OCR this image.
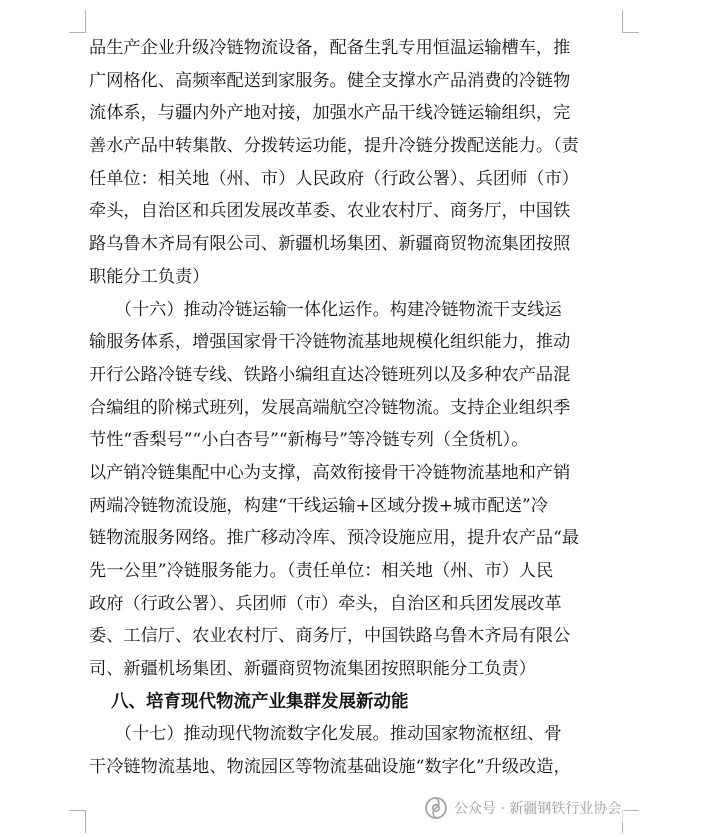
品生产企业升级冷链物流设备，配备生乳专用恒温运输槽车，推
广网格化、高频率配送到家服务。健全支撑水产品消费的冷链物
流体系，与疆内外产地对接，加强水产品干线冷链运输组织，完
善水产品中转集散、分拨转运功能，提升冷链分拨配送能力。（责
任单位：相关地（州、市）人民政府（行政公署）、兵团师（市）
牵头，自治区和兵团发展改革委、农业农村厅、商务厅，中国铁
路乌鲁木齐局有限公司、新疆机场集团、新疆商贸物流集团按照
职能分工负责）
　　（十六）推动冷链运输一体化运作。构建冷链物流干支线运
输服务体系，增强国家骨干冷链物流基地规模化组织能力，推动
开行公路冷链专线、铁路小编组直达冷链班列以及多种农产品混
合编组的阶梯式班列，发展高端航空冷链物流。支持企业组织季
节性“香梨号”“小白杏号”“新梅号”等冷链专列（全货机）。
以产销冷链集配中心为支撑，高效衔接骨干冷链物流基地和产销
两端冷链物流设施，构建“干线运输+区域分拨+城市配送”冷
链物流服务网络。推广移动冷库、预冷设施应用，提升农产品“最
先一公里”冷链服务能力。（责任单位：相关地（州、市）人民
政府（行政公署）、兵团师（市）牵头，自治区和兵团发展改革
委、工信厅、农业农村厅、商务厅，中国铁路乌鲁木齐局有限公
司、新疆机场集团、新疆商贸物流集团按照职能分工负责）
八、培育现代物流产业集群发展新动能
　　（十七）推动现代物流数字化发展。推动国家物流枢纽、骨
干冷链物流基地、物流园区等物流基础设施“数字化”升级改造，
公众号 · 新疆钢铁行业协会
